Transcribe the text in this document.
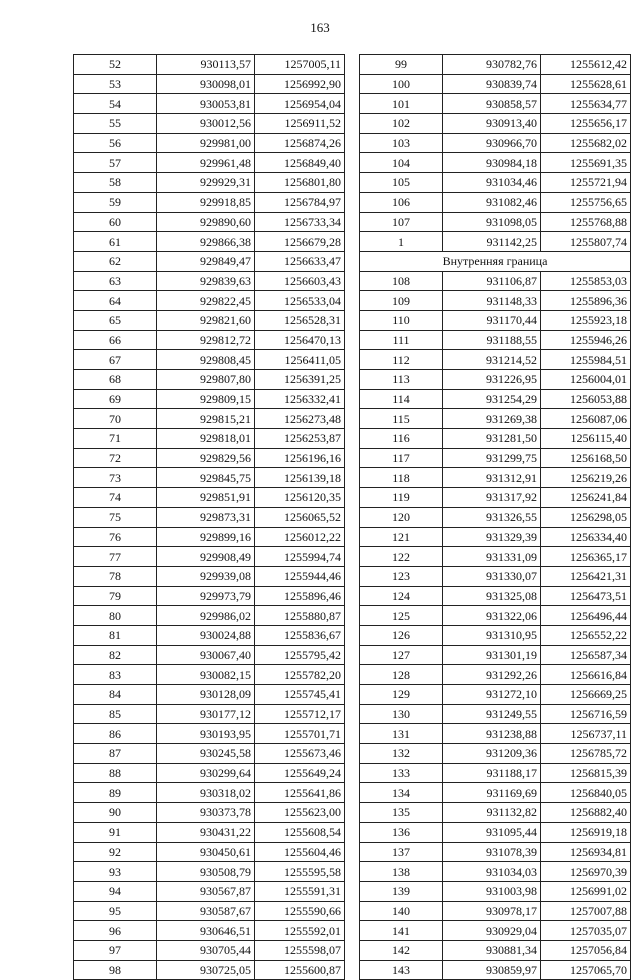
163
52	930113,57	1257005,11
53	930098,01	1256992,90
54	930053,81	1256954,04
55	930012,56	1256911,52
56	929981,00	1256874,26
57	929961,48	1256849,40
58	929929,31	1256801,80
59	929918,85	1256784,97
60	929890,60	1256733,34
61	929866,38	1256679,28
62	929849,47	1256633,47
63	929839,63	1256603,43
64	929822,45	1256533,04
65	929821,60	1256528,31
66	929812,72	1256470,13
67	929808,45	1256411,05
68	929807,80	1256391,25
69	929809,15	1256332,41
70	929815,21	1256273,48
71	929818,01	1256253,87
72	929829,56	1256196,16
73	929845,75	1256139,18
74	929851,91	1256120,35
75	929873,31	1256065,52
76	929899,16	1256012,22
77	929908,49	1255994,74
78	929939,08	1255944,46
79	929973,79	1255896,46
80	929986,02	1255880,87
81	930024,88	1255836,67
82	930067,40	1255795,42
83	930082,15	1255782,20
84	930128,09	1255745,41
85	930177,12	1255712,17
86	930193,95	1255701,71
87	930245,58	1255673,46
88	930299,64	1255649,24
89	930318,02	1255641,86
90	930373,78	1255623,00
91	930431,22	1255608,54
92	930450,61	1255604,46
93	930508,79	1255595,58
94	930567,87	1255591,31
95	930587,67	1255590,66
96	930646,51	1255592,01
97	930705,44	1255598,07
98	930725,05	1255600,87
99	930782,76	1255612,42
100	930839,74	1255628,61
101	930858,57	1255634,77
102	930913,40	1255656,17
103	930966,70	1255682,02
104	930984,18	1255691,35
105	931034,46	1255721,94
106	931082,46	1255756,65
107	931098,05	1255768,88
1	931142,25	1255807,74
Внутренняя граница		
108	931106,87	1255853,03
109	931148,33	1255896,36
110	931170,44	1255923,18
111	931188,55	1255946,26
112	931214,52	1255984,51
113	931226,95	1256004,01
114	931254,29	1256053,88
115	931269,38	1256087,06
116	931281,50	1256115,40
117	931299,75	1256168,50
118	931312,91	1256219,26
119	931317,92	1256241,84
120	931326,55	1256298,05
121	931329,39	1256334,40
122	931331,09	1256365,17
123	931330,07	1256421,31
124	931325,08	1256473,51
125	931322,06	1256496,44
126	931310,95	1256552,22
127	931301,19	1256587,34
128	931292,26	1256616,84
129	931272,10	1256669,25
130	931249,55	1256716,59
131	931238,88	1256737,11
132	931209,36	1256785,72
133	931188,17	1256815,39
134	931169,69	1256840,05
135	931132,82	1256882,40
136	931095,44	1256919,18
137	931078,39	1256934,81
138	931034,03	1256970,39
139	931003,98	1256991,02
140	930978,17	1257007,88
141	930929,04	1257035,07
142	930881,34	1257056,84
143	930859,97	1257065,70
